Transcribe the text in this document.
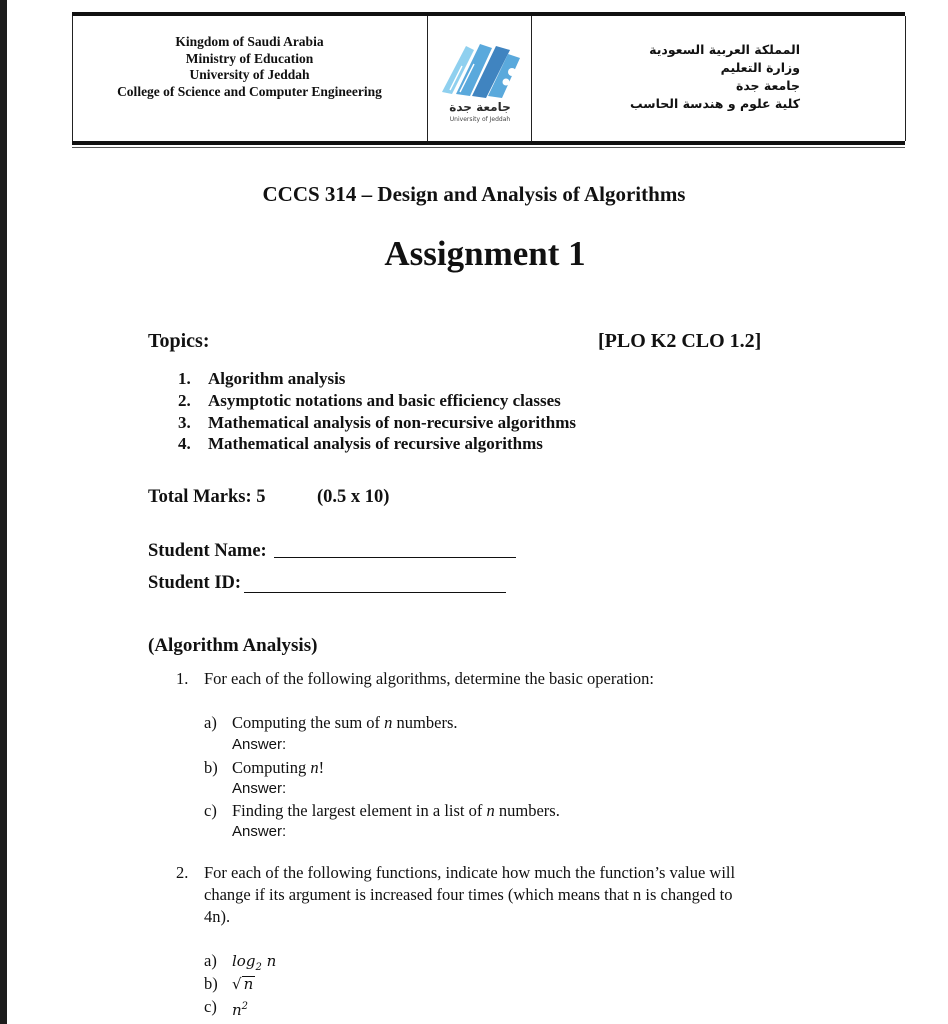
Kingdom of Saudi Arabia
Ministry of Education
University of Jeddah
College of Science and Computer Engineering
جامعة جدة
University of Jeddah
المملكة العربية السعودية
وزارة التعليم
جامعة جدة
كلية علوم و هندسة الحاسب
CCCS 314 – Design and Analysis of Algorithms
Assignment 1
Topics:	[PLO K2 CLO 1.2]
1. Algorithm analysis
2. Asymptotic notations and basic efficiency classes
3. Mathematical analysis of non-recursive algorithms
4. Mathematical analysis of recursive algorithms
Total Marks: 5	(0.5 x 10)
Student Name:
Student ID:
(Algorithm Analysis)
1. For each of the following algorithms, determine the basic operation:
a) Computing the sum of n numbers.
Answer:
b) Computing n!
Answer:
c) Finding the largest element in a list of n numbers.
Answer:
2. For each of the following functions, indicate how much the function’s value will
change if its argument is increased four times (which means that n is changed to
4n).
a) $\log_2 n$
b) √ n
c) $n^2$
